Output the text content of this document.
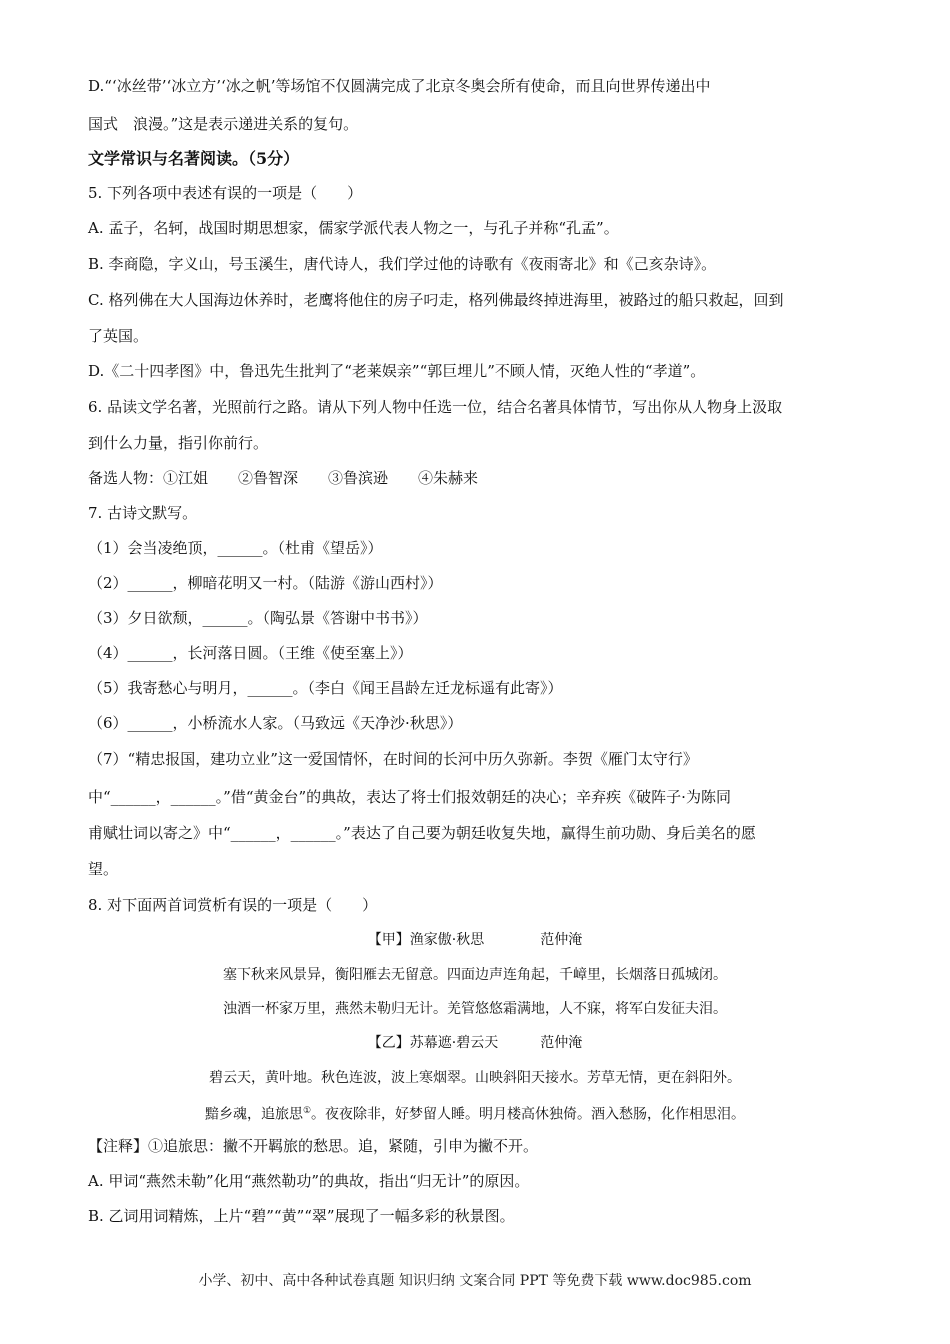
D.“‘冰丝带’‘冰立方’‘冰之帆’等场馆不仅圆满完成了北京冬奥会所有使命，而且向世界传递出中
国式　浪漫。”这是表示递进关系的复句。
文学常识与名著阅读。（5分）
5. 下列各项中表述有误的一项是（　　）
A. 孟子，名轲，战国时期思想家，儒家学派代表人物之一，与孔子并称“孔孟”。
B. 李商隐，字义山，号玉溪生，唐代诗人，我们学过他的诗歌有《夜雨寄北》和《己亥杂诗》。
C. 格列佛在大人国海边休养时，老鹰将他住的房子叼走，格列佛最终掉进海里，被路过的船只救起，回到
了英国。
D.《二十四孝图》中，鲁迅先生批判了“老莱娱亲”“郭巨埋儿”不顾人情，灭绝人性的“孝道”。
6. 品读文学名著，光照前行之路。请从下列人物中任选一位，结合名著具体情节，写出你从人物身上汲取
到什么力量，指引你前行。
备选人物：①江姐　　②鲁智深　　③鲁滨逊　　④朱赫来
7. 古诗文默写。
（1）会当凌绝顶，______。（杜甫《望岳》）
（2）______，柳暗花明又一村。（陆游《游山西村》）
（3）夕日欲颓，______。（陶弘景《答谢中书书》）
（4）______，长河落日圆。（王维《使至塞上》）
（5）我寄愁心与明月，______。（李白《闻王昌龄左迁龙标遥有此寄》）
（6）______，小桥流水人家。（马致远《天净沙·秋思》）
（7）“精忠报国，建功立业”这一爱国情怀，在时间的长河中历久弥新。李贺《雁门太守行》
中“______，______。”借“黄金台”的典故，表达了将士们报效朝廷的决心；辛弃疾《破阵子·为陈同
甫赋壮词以寄之》中“______，______。”表达了自己要为朝廷收复失地，赢得生前功勋、身后美名的愿
望。
8. 对下面两首词赏析有误的一项是（　　）
【甲】渔家傲·秋思　　　　范仲淹
塞下秋来风景异，衡阳雁去无留意。四面边声连角起，千嶂里，长烟落日孤城闭。
浊酒一杯家万里，燕然未勒归无计。羌管悠悠霜满地，人不寐，将军白发征夫泪。
【乙】苏幕遮·碧云天　　　范仲淹
碧云天，黄叶地。秋色连波，波上寒烟翠。山映斜阳天接水。芳草无情，更在斜阳外。
黯乡魂，追旅思①。夜夜除非，好梦留人睡。明月楼高休独倚。酒入愁肠，化作相思泪。
【注释】①追旅思：撇不开羁旅的愁思。追，紧随，引申为撇不开。
A. 甲词“燕然未勒”化用“燕然勒功”的典故，指出“归无计”的原因。
B. 乙词用词精炼，上片“碧”“黄”“翠”展现了一幅多彩的秋景图。
小学、初中、高中各种试卷真题 知识归纳 文案合同 PPT 等免费下载 www.doc985.com
